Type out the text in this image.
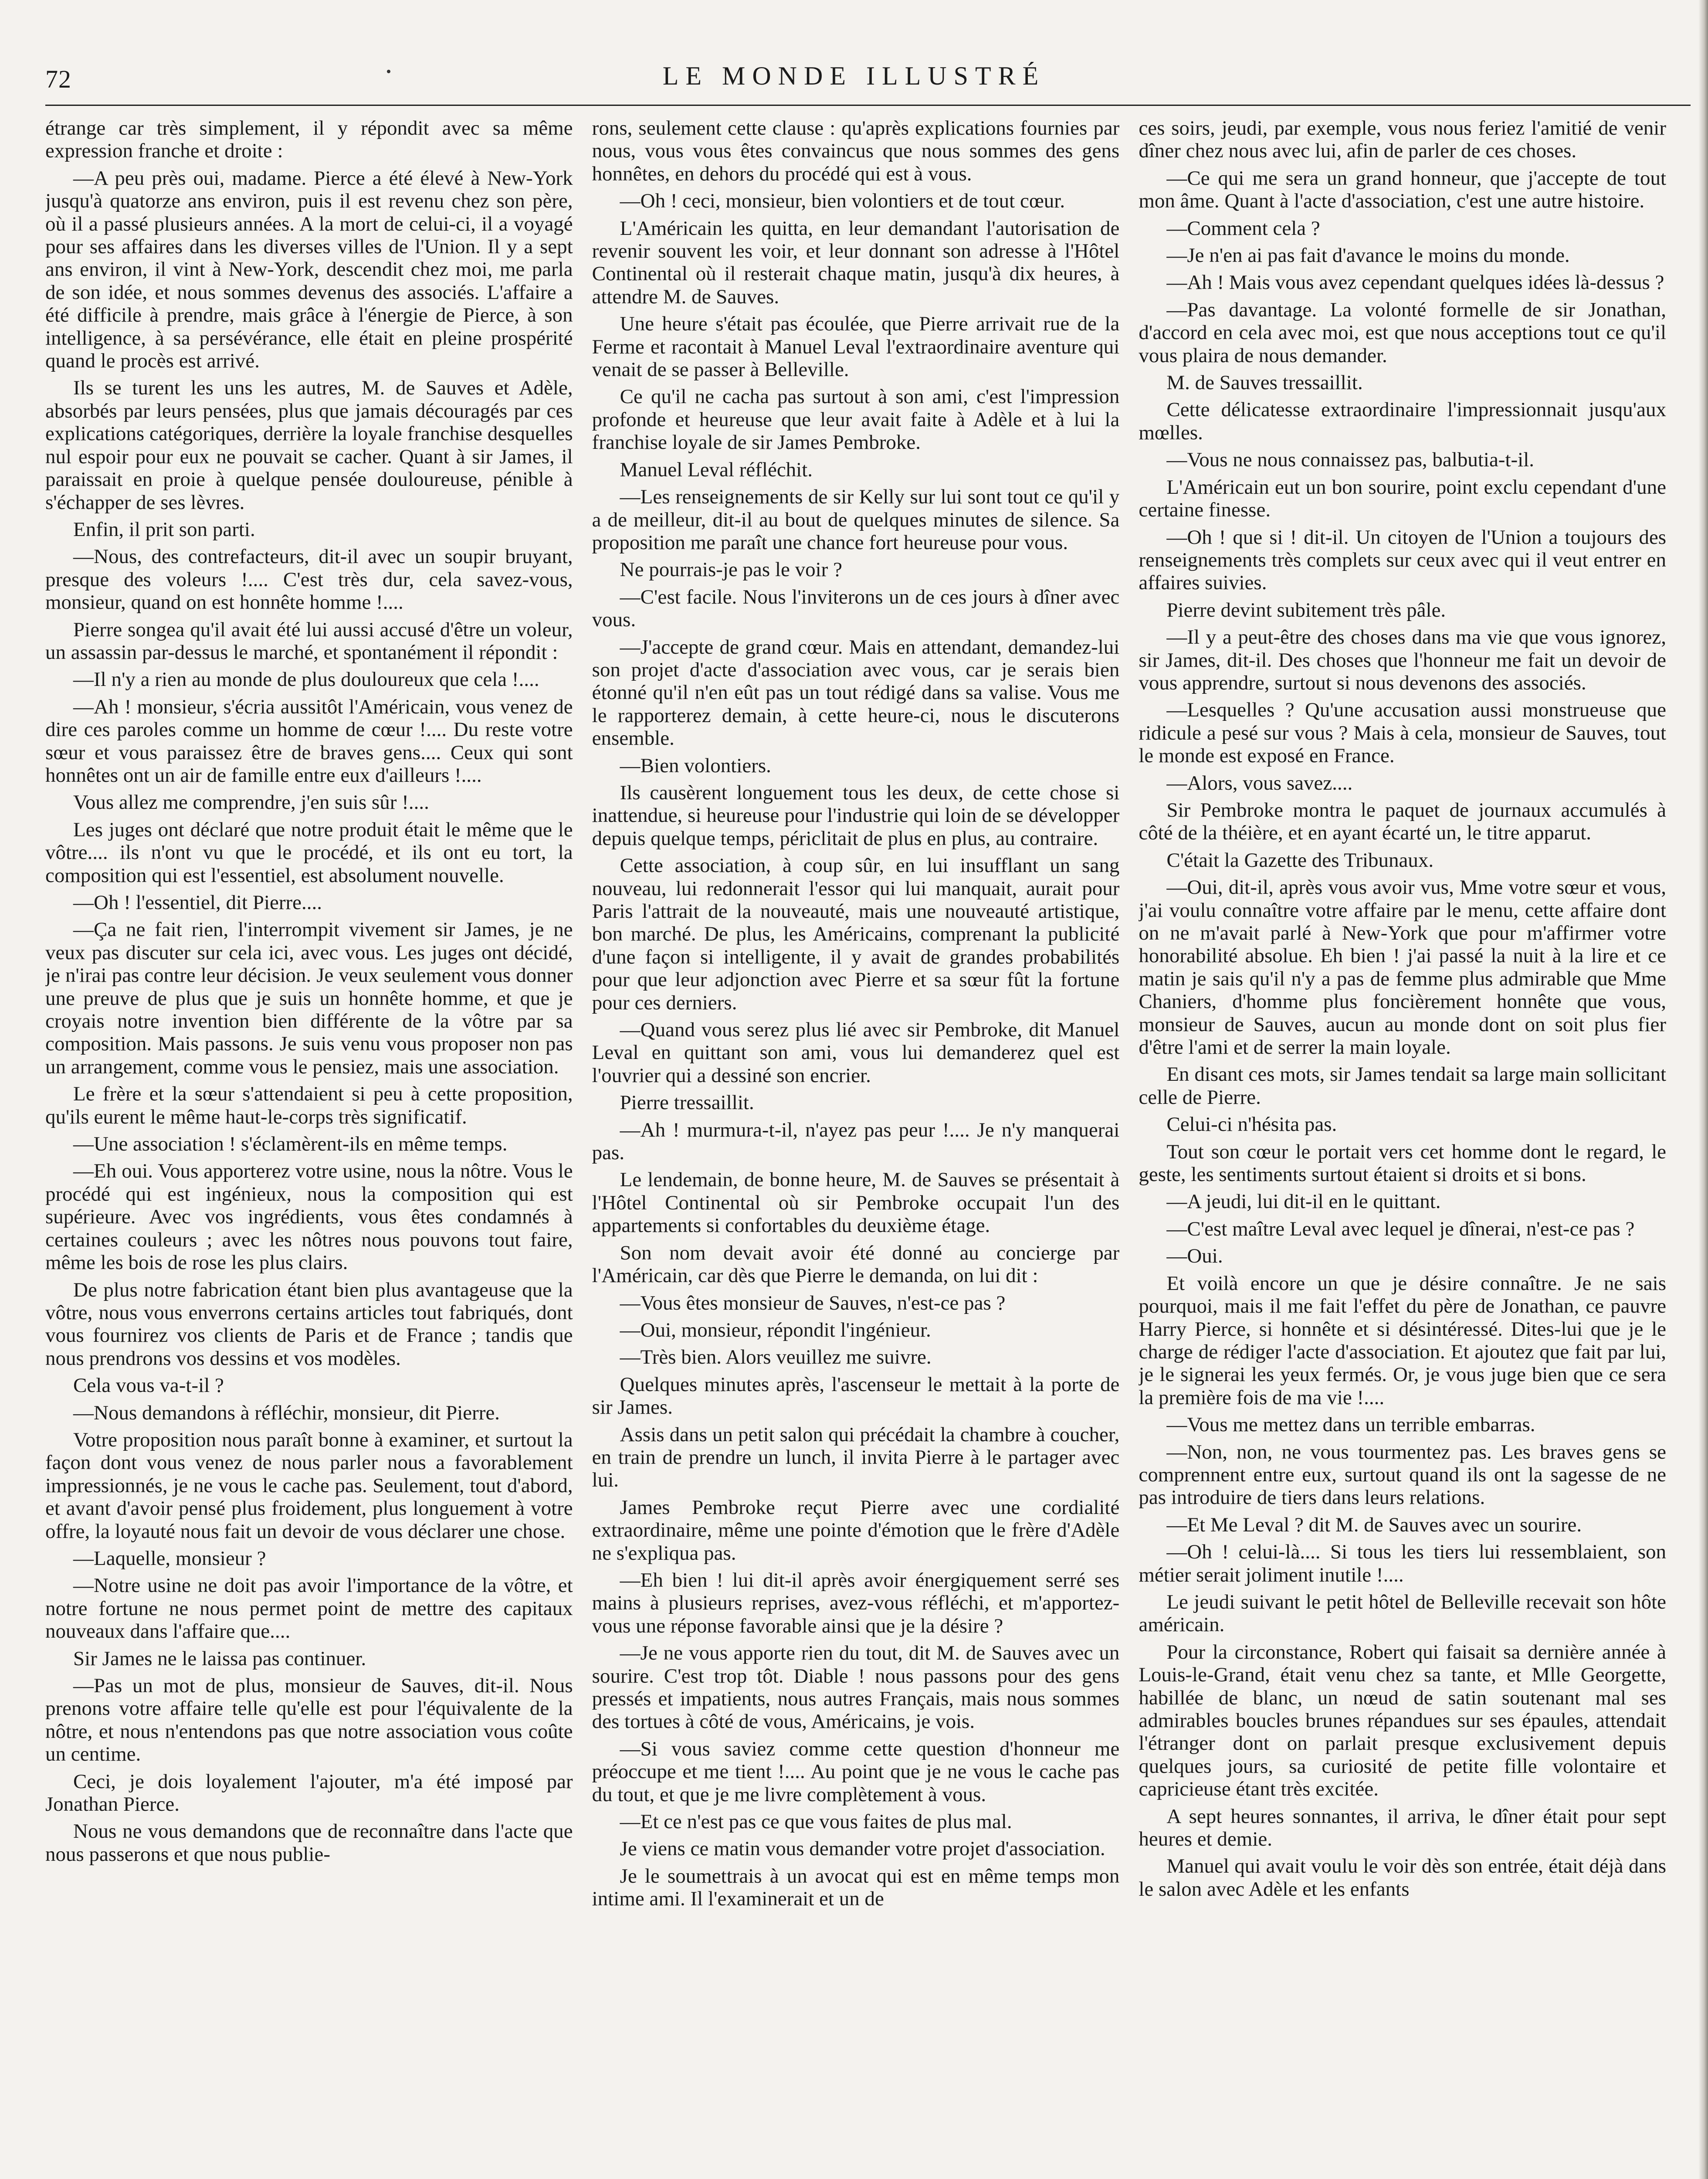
72	LE MONDE ILLUSTRÉ

étrange car très simplement, il y répondit avec sa même expression franche et droite :

—A peu près oui, madame. Pierce a été élevé à New-York jusqu'à quatorze ans environ, puis il est revenu chez son père, où il a passé plusieurs années. A la mort de celui-ci, il a voyagé pour ses affaires dans les diverses villes de l'Union. Il y a sept ans environ, il vint à New-York, descendit chez moi, me parla de son idée, et nous sommes devenus des associés. L'affaire a été difficile à prendre, mais grâce à l'énergie de Pierce, à son intelligence, à sa persévérance, elle était en pleine prospérité quand le procès est arrivé.

Ils se turent les uns les autres, M. de Sauves et Adèle, absorbés par leurs pensées, plus que jamais découragés par ces explications catégoriques, derrière la loyale franchise desquelles nul espoir pour eux ne pouvait se cacher. Quant à sir James, il paraissait en proie à quelque pensée douloureuse, pénible à s'échapper de ses lèvres.

Enfin, il prit son parti.

—Nous, des contrefacteurs, dit-il avec un soupir bruyant, presque des voleurs !.... C'est très dur, cela savez-vous, monsieur, quand on est honnête homme !....

Pierre songea qu'il avait été lui aussi accusé d'être un voleur, un assassin par-dessus le marché, et spontanément il répondit :

—Il n'y a rien au monde de plus douloureux que cela !....

—Ah ! monsieur, s'écria aussitôt l'Américain, vous venez de dire ces paroles comme un homme de cœur !.... Du reste votre sœur et vous paraissez être de braves gens.... Ceux qui sont honnêtes ont un air de famille entre eux d'ailleurs !....

Vous allez me comprendre, j'en suis sûr !....

Les juges ont déclaré que notre produit était le même que le vôtre.... ils n'ont vu que le procédé, et ils ont eu tort, la composition qui est l'essentiel, est absolument nouvelle.

—Oh ! l'essentiel, dit Pierre....

—Ça ne fait rien, l'interrompit vivement sir James, je ne veux pas discuter sur cela ici, avec vous. Les juges ont décidé, je n'irai pas contre leur décision. Je veux seulement vous donner une preuve de plus que je suis un honnête homme, et que je croyais notre invention bien différente de la vôtre par sa composition. Mais passons. Je suis venu vous proposer non pas un arrangement, comme vous le pensiez, mais une association.

Le frère et la sœur s'attendaient si peu à cette proposition, qu'ils eurent le même haut-le-corps très significatif.

—Une association ! s'éclamèrent-ils en même temps.

—Eh oui. Vous apporterez votre usine, nous la nôtre. Vous le procédé qui est ingénieux, nous la composition qui est supérieure. Avec vos ingrédients, vous êtes condamnés à certaines couleurs ; avec les nôtres nous pouvons tout faire, même les bois de rose les plus clairs.

De plus notre fabrication étant bien plus avantageuse que la vôtre, nous vous enverrons certains articles tout fabriqués, dont vous fournirez vos clients de Paris et de France ; tandis que nous prendrons vos dessins et vos modèles.

Cela vous va-t-il ?

—Nous demandons à réfléchir, monsieur, dit Pierre.

Votre proposition nous paraît bonne à examiner, et surtout la façon dont vous venez de nous parler nous a favorablement impressionnés, je ne vous le cache pas. Seulement, tout d'abord, et avant d'avoir pensé plus froidement, plus longuement à votre offre, la loyauté nous fait un devoir de vous déclarer une chose.

—Laquelle, monsieur ?

—Notre usine ne doit pas avoir l'importance de la vôtre, et notre fortune ne nous permet point de mettre des capitaux nouveaux dans l'affaire que....

Sir James ne le laissa pas continuer.

—Pas un mot de plus, monsieur de Sauves, dit-il. Nous prenons votre affaire telle qu'elle est pour l'équivalente de la nôtre, et nous n'entendons pas que notre association vous coûte un centime.

Ceci, je dois loyalement l'ajouter, m'a été imposé par Jonathan Pierce.

Nous ne vous demandons que de reconnaître dans l'acte que nous passerons et que nous publie-

rons, seulement cette clause : qu'après explications fournies par nous, vous vous êtes convaincus que nous sommes des gens honnêtes, en dehors du procédé qui est à vous.

—Oh ! ceci, monsieur, bien volontiers et de tout cœur.

L'Américain les quitta, en leur demandant l'autorisation de revenir souvent les voir, et leur donnant son adresse à l'Hôtel Continental où il resterait chaque matin, jusqu'à dix heures, à attendre M. de Sauves.

Une heure s'était pas écoulée, que Pierre arrivait rue de la Ferme et racontait à Manuel Leval l'extraordinaire aventure qui venait de se passer à Belleville.

Ce qu'il ne cacha pas surtout à son ami, c'est l'impression profonde et heureuse que leur avait faite à Adèle et à lui la franchise loyale de sir James Pembroke.

Manuel Leval réfléchit.

—Les renseignements de sir Kelly sur lui sont tout ce qu'il y a de meilleur, dit-il au bout de quelques minutes de silence. Sa proposition me paraît une chance fort heureuse pour vous.

Ne pourrais-je pas le voir ?

—C'est facile. Nous l'inviterons un de ces jours à dîner avec vous.

—J'accepte de grand cœur. Mais en attendant, demandez-lui son projet d'acte d'association avec vous, car je serais bien étonné qu'il n'en eût pas un tout rédigé dans sa valise. Vous me le rapporterez demain, à cette heure-ci, nous le discuterons ensemble.

—Bien volontiers.

Ils causèrent longuement tous les deux, de cette chose si inattendue, si heureuse pour l'industrie qui loin de se développer depuis quelque temps, périclitait de plus en plus, au contraire.

Cette association, à coup sûr, en lui insufflant un sang nouveau, lui redonnerait l'essor qui lui manquait, aurait pour Paris l'attrait de la nouveauté, mais une nouveauté artistique, bon marché. De plus, les Américains, comprenant la publicité d'une façon si intelligente, il y avait de grandes probabilités pour que leur adjonction avec Pierre et sa sœur fût la fortune pour ces derniers.

—Quand vous serez plus lié avec sir Pembroke, dit Manuel Leval en quittant son ami, vous lui demanderez quel est l'ouvrier qui a dessiné son encrier.

Pierre tressaillit.

—Ah ! murmura-t-il, n'ayez pas peur !.... Je n'y manquerai pas.

Le lendemain, de bonne heure, M. de Sauves se présentait à l'Hôtel Continental où sir Pembroke occupait l'un des appartements si confortables du deuxième étage.

Son nom devait avoir été donné au concierge par l'Américain, car dès que Pierre le demanda, on lui dit :

—Vous êtes monsieur de Sauves, n'est-ce pas ?

—Oui, monsieur, répondit l'ingénieur.

—Très bien. Alors veuillez me suivre.

Quelques minutes après, l'ascenseur le mettait à la porte de sir James.

Assis dans un petit salon qui précédait la chambre à coucher, en train de prendre un lunch, il invita Pierre à le partager avec lui.

James Pembroke reçut Pierre avec une cordialité extraordinaire, même une pointe d'émotion que le frère d'Adèle ne s'expliqua pas.

—Eh bien ! lui dit-il après avoir énergiquement serré ses mains à plusieurs reprises, avez-vous réfléchi, et m'apportez-vous une réponse favorable ainsi que je la désire ?

—Je ne vous apporte rien du tout, dit M. de Sauves avec un sourire. C'est trop tôt. Diable ! nous passons pour des gens pressés et impatients, nous autres Français, mais nous sommes des tortues à côté de vous, Américains, je vois.

—Si vous saviez comme cette question d'honneur me préoccupe et me tient !.... Au point que je ne vous le cache pas du tout, et que je me livre complètement à vous.

—Et ce n'est pas ce que vous faites de plus mal.

Je viens ce matin vous demander votre projet d'association.

Je le soumettrais à un avocat qui est en même temps mon intime ami. Il l'examinerait et un de

ces soirs, jeudi, par exemple, vous nous feriez l'amitié de venir dîner chez nous avec lui, afin de parler de ces choses.

—Ce qui me sera un grand honneur, que j'accepte de tout mon âme. Quant à l'acte d'association, c'est une autre histoire.

—Comment cela ?

—Je n'en ai pas fait d'avance le moins du monde.

—Ah ! Mais vous avez cependant quelques idées là-dessus ?

—Pas davantage. La volonté formelle de sir Jonathan, d'accord en cela avec moi, est que nous acceptions tout ce qu'il vous plaira de nous demander.

M. de Sauves tressaillit.

Cette délicatesse extraordinaire l'impressionnait jusqu'aux mœlles.

—Vous ne nous connaissez pas, balbutia-t-il.

L'Américain eut un bon sourire, point exclu cependant d'une certaine finesse.

—Oh ! que si ! dit-il. Un citoyen de l'Union a toujours des renseignements très complets sur ceux avec qui il veut entrer en affaires suivies.

Pierre devint subitement très pâle.

—Il y a peut-être des choses dans ma vie que vous ignorez, sir James, dit-il. Des choses que l'honneur me fait un devoir de vous apprendre, surtout si nous devenons des associés.

—Lesquelles ? Qu'une accusation aussi monstrueuse que ridicule a pesé sur vous ? Mais à cela, monsieur de Sauves, tout le monde est exposé en France.

—Alors, vous savez....

Sir Pembroke montra le paquet de journaux accumulés à côté de la théière, et en ayant écarté un, le titre apparut.

C'était la Gazette des Tribunaux.

—Oui, dit-il, après vous avoir vus, Mme votre sœur et vous, j'ai voulu connaître votre affaire par le menu, cette affaire dont on ne m'avait parlé à New-York que pour m'affirmer votre honorabilité absolue. Eh bien ! j'ai passé la nuit à la lire et ce matin je sais qu'il n'y a pas de femme plus admirable que Mme Chaniers, d'homme plus foncièrement honnête que vous, monsieur de Sauves, aucun au monde dont on soit plus fier d'être l'ami et de serrer la main loyale.

En disant ces mots, sir James tendait sa large main sollicitant celle de Pierre.

Celui-ci n'hésita pas.

Tout son cœur le portait vers cet homme dont le regard, le geste, les sentiments surtout étaient si droits et si bons.

—A jeudi, lui dit-il en le quittant.

—C'est maître Leval avec lequel je dînerai, n'est-ce pas ?

—Oui.

Et voilà encore un que je désire connaître. Je ne sais pourquoi, mais il me fait l'effet du père de Jonathan, ce pauvre Harry Pierce, si honnête et si désintéressé. Dites-lui que je le charge de rédiger l'acte d'association. Et ajoutez que fait par lui, je le signerai les yeux fermés. Or, je vous juge bien que ce sera la première fois de ma vie !....

—Vous me mettez dans un terrible embarras.

—Non, non, ne vous tourmentez pas. Les braves gens se comprennent entre eux, surtout quand ils ont la sagesse de ne pas introduire de tiers dans leurs relations.

—Et Me Leval ? dit M. de Sauves avec un sourire.

—Oh ! celui-là.... Si tous les tiers lui ressemblaient, son métier serait joliment inutile !....

Le jeudi suivant le petit hôtel de Belleville recevait son hôte américain.

Pour la circonstance, Robert qui faisait sa dernière année à Louis-le-Grand, était venu chez sa tante, et Mlle Georgette, habillée de blanc, un nœud de satin soutenant mal ses admirables boucles brunes répandues sur ses épaules, attendait l'étranger dont on parlait presque exclusivement depuis quelques jours, sa curiosité de petite fille volontaire et capricieuse étant très excitée.

A sept heures sonnantes, il arriva, le dîner était pour sept heures et demie.

Manuel qui avait voulu le voir dès son entrée, était déjà dans le salon avec Adèle et les enfants
